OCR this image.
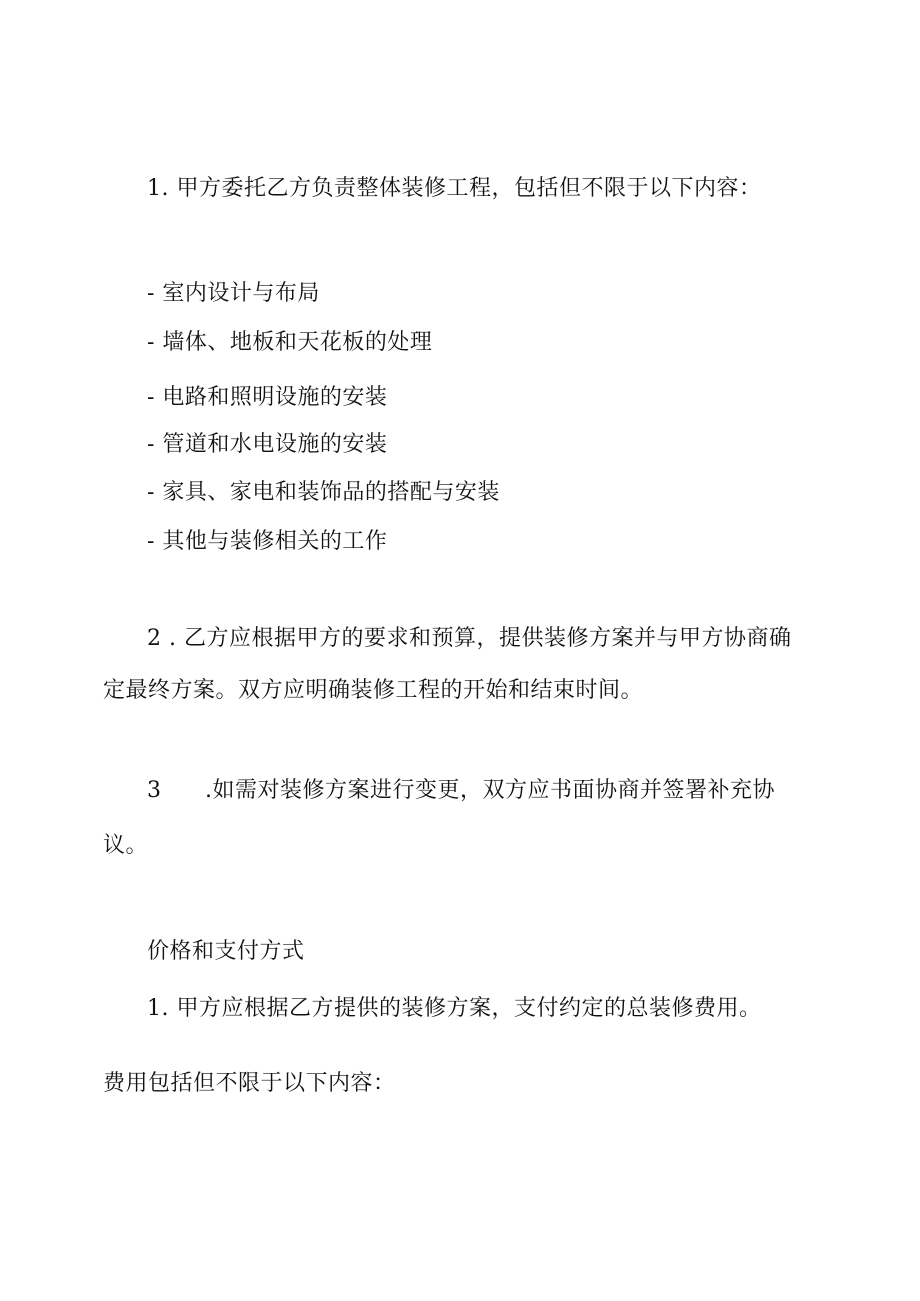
1. 甲方委托乙方负责整体装修工程，包括但不限于以下内容：
- 室内设计与布局
- 墙体、地板和天花板的处理
- 电路和照明设施的安装
- 管道和水电设施的安装
- 家具、家电和装饰品的搭配与安装
- 其他与装修相关的工作
2 . 乙方应根据甲方的要求和预算，提供装修方案并与甲方协商确
定最终方案。双方应明确装修工程的开始和结束时间。
3 .如需对装修方案进行变更，双方应书面协商并签署补充协
议。
价格和支付方式
1. 甲方应根据乙方提供的装修方案，支付约定的总装修费用。
费用包括但不限于以下内容：
